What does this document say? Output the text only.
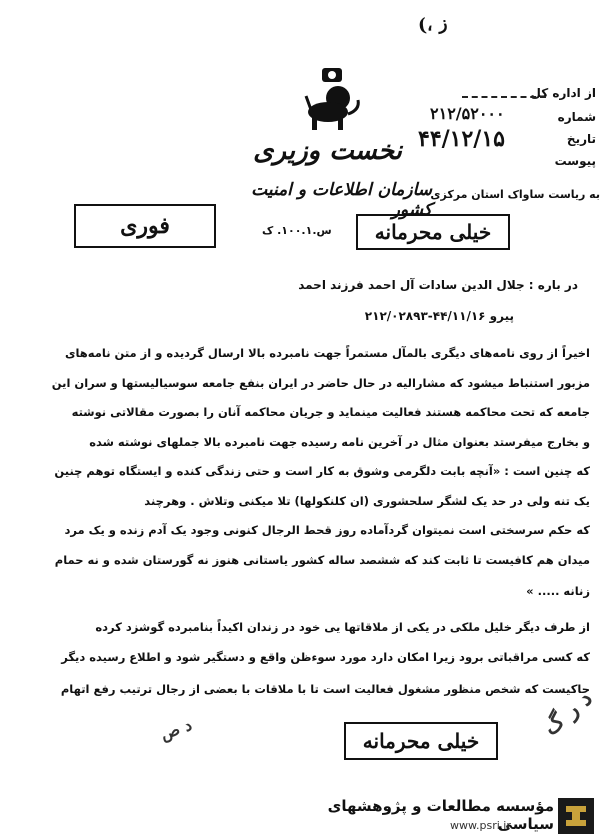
(، ز
از اداره کل
شماره
۲۱۲/۵۲۰۰۰
تاریخ
۴۴/۱۲/۱۵
پیوست
نخست وزیری
به ریاست ساواک استان مرکزی
سازمان اطلاعات و امنیت کشور
س.۱۰۰.۱. ک
فوری	خیلی محرمانه
در باره : جلال الدین سادات آل احمد فرزند احمد
پیرو ۴۴/۱۱/۱۶-۲۱۲/۰۲۸۹۳
اخیراً از روی نامه‌های دیگری بالمآل مستمراً جهت نامبرده بالا ارسال گردیده و از متن نامه‌های
مزبور استنباط میشود که مشارالیه در حال حاضر در ایران بنفع جامعه سوسیالیستها و سران این
جامعه که تحت محاکمه هستند فعالیت مینماید و جریان محاکمه آنان را بصورت مقالاتی نوشته
و بخارج میفرستد بعنوان مثال در آخرین نامه رسیده جهت نامبرده بالا جملهای نوشته شده
که چنین است : «آنچه بابت دلگرمی وشوق به کار است و حتی زندگی کنده و ایستگاه توهم چنین
یک تنه ولی در حد یک لشگر سلحشوری (ان کلنکولها) تلا میکنی وتلاش . وهرچند
که حکم سرسختی است نمیتوان گردآماده روز قحط الرجال کنونی وجود یک آدم زنده و یک مرد
میدان هم کافیست تا ثابت کند که ششصد ساله کشور یاستانی هنوز نه گورستان شده و نه حمام
زنانه ..... »
از طرف دیگر خلیل ملکی در یکی از ملاقاتها یی خود در زندان اکیداً بنامبرده گوشزد کرده
که کسی مراقباتی برود زیرا امکان دارد مورد سوءظن واقع و دستگیر شود و اطلاع رسیده دیگر
حاکیست که شخص منظور مشغول فعالیت است تا با ملاقات با بعضی از رجال ترتیب رفع اتهام
د ص	د ر گ
خیلی محرمانه
مؤسسه مطالعات و پژوهشهای سیاسی
www.psri.ir
